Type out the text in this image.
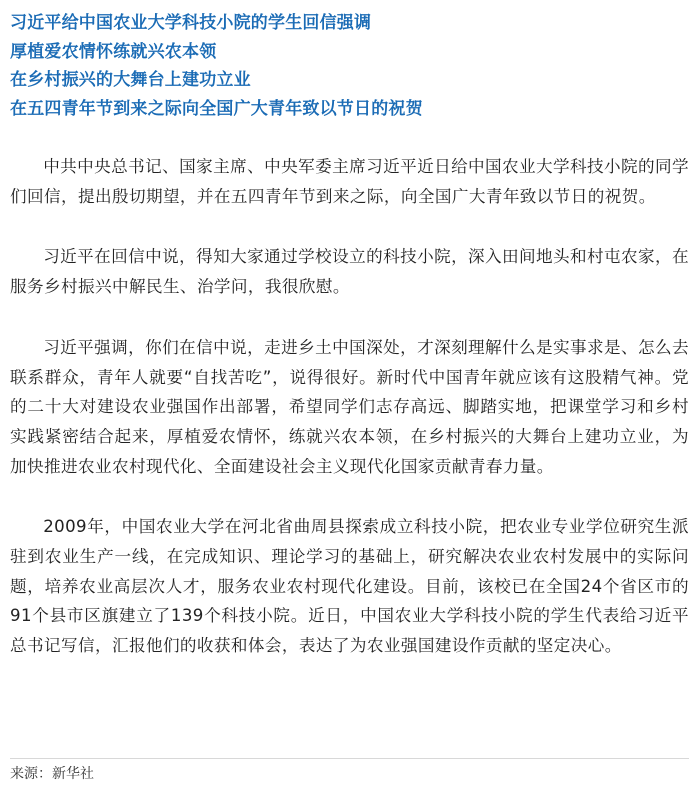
习近平给中国农业大学科技小院的学生回信强调
厚植爱农情怀练就兴农本领
在乡村振兴的大舞台上建功立业
在五四青年节到来之际向全国广大青年致以节日的祝贺

中共中央总书记、国家主席、中央军委主席习近平近日给中国农业大学科技小院的同学们回信，提出殷切期望，并在五四青年节到来之际，向全国广大青年致以节日的祝贺。

习近平在回信中说，得知大家通过学校设立的科技小院，深入田间地头和村屯农家，在服务乡村振兴中解民生、治学问，我很欣慰。

习近平强调，你们在信中说，走进乡土中国深处，才深刻理解什么是实事求是、怎么去联系群众，青年人就要“自找苦吃”，说得很好。新时代中国青年就应该有这股精气神。党的二十大对建设农业强国作出部署，希望同学们志存高远、脚踏实地，把课堂学习和乡村实践紧密结合起来，厚植爱农情怀，练就兴农本领，在乡村振兴的大舞台上建功立业，为加快推进农业农村现代化、全面建设社会主义现代化国家贡献青春力量。

2009年，中国农业大学在河北省曲周县探索成立科技小院，把农业专业学位研究生派驻到农业生产一线，在完成知识、理论学习的基础上，研究解决农业农村发展中的实际问题，培养农业高层次人才，服务农业农村现代化建设。目前，该校已在全国24个省区市的91个县市区旗建立了139个科技小院。近日，中国农业大学科技小院的学生代表给习近平总书记写信，汇报他们的收获和体会，表达了为农业强国建设作贡献的坚定决心。

来源：新华社
